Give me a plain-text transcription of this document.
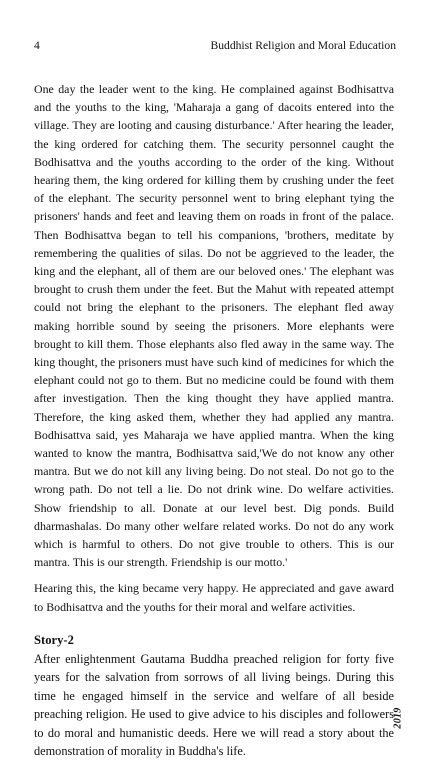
4	Buddhist Religion and Moral Education

One day the leader went to the king. He complained against Bodhisattva and the youths to the king, 'Maharaja a gang of dacoits entered into the village. They are looting and causing disturbance.' After hearing the leader, the king ordered for catching them. The security personnel caught the Bodhisattva and the youths according to the order of the king. Without hearing them, the king ordered for killing them by crushing under the feet of the elephant. The security personnel went to bring elephant tying the prisoners' hands and feet and leaving them on roads in front of the palace. Then Bodhisattva began to tell his companions, 'brothers, meditate by remembering the qualities of silas. Do not be aggrieved to the leader, the king and the elephant, all of them are our beloved ones.' The elephant was brought to crush them under the feet. But the Mahut with repeated attempt could not bring the elephant to the prisoners. The elephant fled away making horrible sound by seeing the prisoners. More elephants were brought to kill them. Those elephants also fled away in the same way. The king thought, the prisoners must have such kind of medicines for which the elephant could not go to them. But no medicine could be found with them after investigation. Then the king thought they have applied mantra. Therefore, the king asked them, whether they had applied any mantra. Bodhisattva said, yes Maharaja we have applied mantra. When the king wanted to know the mantra, Bodhisattva said,'We do not know any other mantra. But we do not kill any living being. Do not steal. Do not go to the wrong path. Do not tell a lie. Do not drink wine. Do welfare activities. Show friendship to all. Donate at our level best. Dig ponds. Build dharmashalas. Do many other welfare related works. Do not do any work which is harmful to others. Do not give trouble to others. This is our mantra. This is our strength. Friendship is our motto.'

Hearing this, the king became very happy. He appreciated and gave award to Bodhisattva and the youths for their moral and welfare activities.

Story-2

After enlightenment Gautama Buddha preached religion for forty five years for the salvation from sorrows of all living beings. During this time he engaged himself in the service and welfare of all beside preaching religion. He used to give advice to his disciples and followers to do moral and humanistic deeds. Here we will read a story about the demonstration of morality in Buddha's life.

2019
